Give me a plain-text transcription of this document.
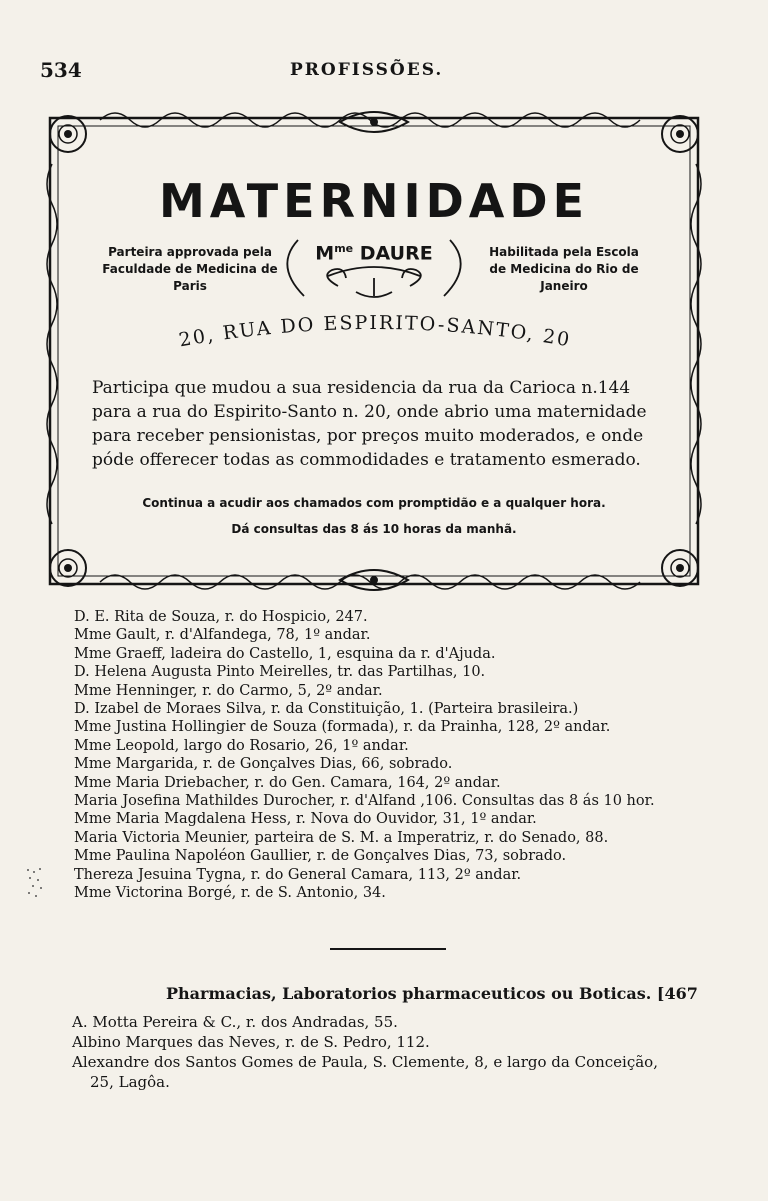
534	PROFISSÕES.
MATERNIDADE
Parteira approvada pela
Faculdade de Medicina de Paris
$M^{me}$ DAURE	Habilitada pela Escola
de Medicina do Rio de Janeiro
20, RUA DO ESPIRITO-SANTO, 20
Participa que mudou a sua residencia da rua da Carioca n.144
para a rua do Espirito-Santo n. 20, onde abrio uma maternidade
para receber pensionistas, por preços muito moderados, e onde
póde offerecer todas as commodidades e tratamento esmerado.
Continua a acudir aos chamados com promptidão e a qualquer hora.
Dá consultas das 8 ás 10 horas da manhã.
D. E. Rita de Souza, r. do Hospicio, 247.
Mme Gault, r. d'Alfandega, 78, 1º andar.
Mme Graeff, ladeira do Castello, 1, esquina da r. d'Ajuda.
D. Helena Augusta Pinto Meirelles, tr. das Partilhas, 10.
Mme Henninger, r. do Carmo, 5, 2º andar.
D. Izabel de Moraes Silva, r. da Constituição, 1. (Parteira brasileira.)
Mme Justina Hollingier de Souza (formada), r. da Prainha, 128, 2º andar.
Mme Leopold, largo do Rosario, 26, 1º andar.
Mme Margarida, r. de Gonçalves Dias, 66, sobrado.
Mme Maria Driebacher, r. do Gen. Camara, 164, 2º andar.
Maria Josefina Mathildes Durocher, r. d'Alfand ,106. Consultas das 8 ás 10 hor.
Mme Maria Magdalena Hess, r. Nova do Ouvidor, 31, 1º andar.
Maria Victoria Meunier, parteira de S. M. a Imperatriz, r. do Senado, 88.
Mme Paulina Napoléon Gaullier, r. de Gonçalves Dias, 73, sobrado.
Thereza Jesuina Tygna, r. do General Camara, 113, 2º andar.
Mme Victorina Borgé, r. de S. Antonio, 34.
Pharmacias, Laboratorios pharmaceuticos ou Boticas. [467
A. Motta Pereira & C., r. dos Andradas, 55.
Albino Marques das Neves, r. de S. Pedro, 112.
Alexandre dos Santos Gomes de Paula, S. Clemente, 8, e largo da Conceição,
25, Lagôa.
